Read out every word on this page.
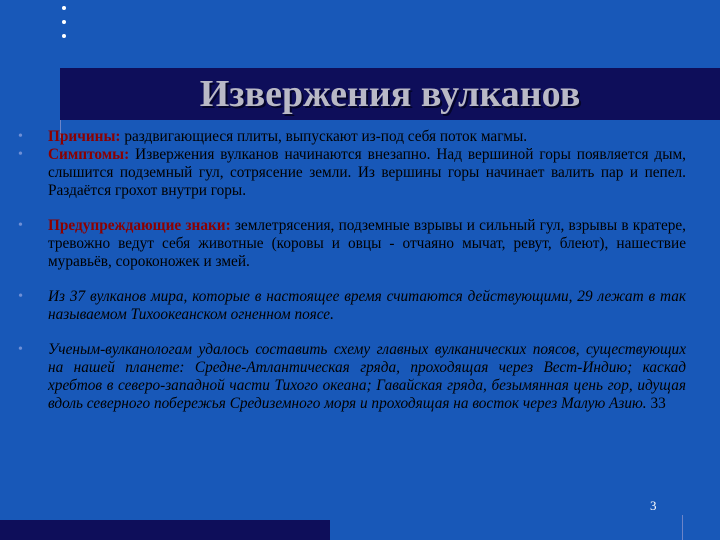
Извержения вулканов
• Причины: раздвигающиеся плиты, выпускают из-под себя поток магмы.
• Симптомы: Извержения вулканов начинаются внезапно. Над вершиной горы появляется дым, слышится подземный гул, сотрясение земли. Из вершины горы начинает валить пар и пепел. Раздаётся грохот внутри горы.
• Предупреждающие знаки: землетрясения, подземные взрывы и сильный гул, взрывы в кратере, тревожно ведут себя животные (коровы и овцы - отчаяно мычат, ревут, блеют), нашествие муравьёв, сороконожек и змей.
• Из 37 вулканов мира, которые в настоящее время считаются действующими, 29 лежат в так называемом Тихоокеанском огненном поясе.
• Ученым-вулканологам удалось составить схему главных вулканических поясов, существующих на нашей планете: Средне-Атлантическая гряда, проходящая через Вест-Индию; каскад хребтов в северо-западной части Тихого океана; Гавайская гряда, безымянная цень гор, идущая вдоль северного побережья Средиземного моря и проходящая на восток через Малую Азию. 33
3
